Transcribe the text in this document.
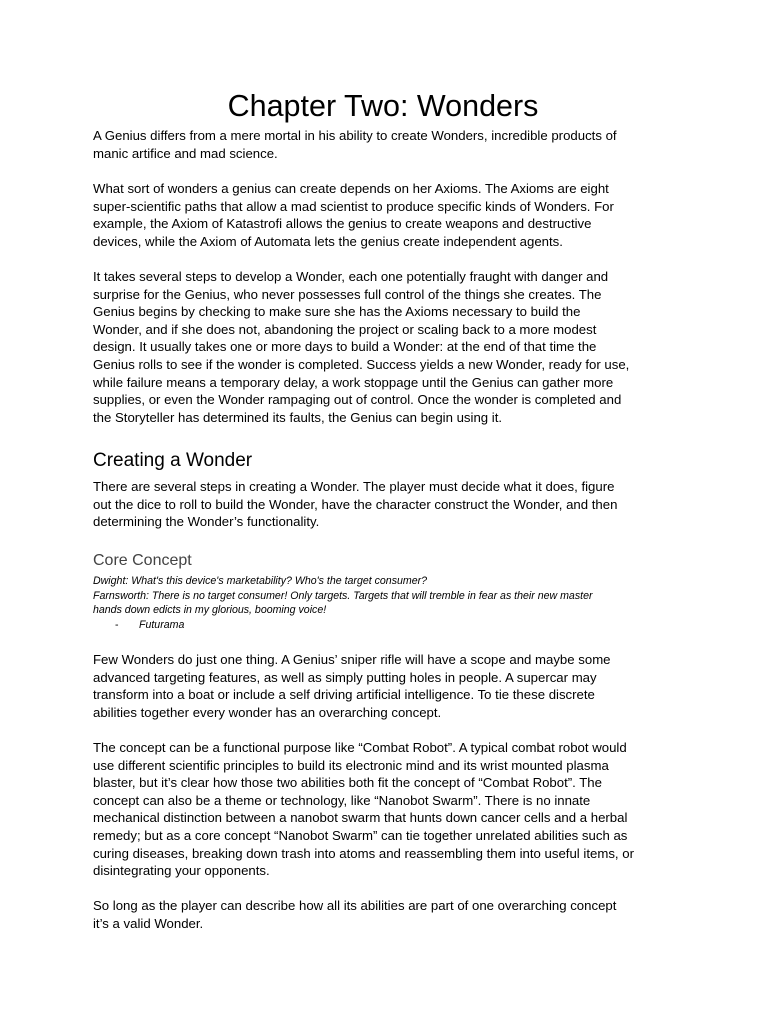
Chapter Two: Wonders

A Genius differs from a mere mortal in his ability to create Wonders, incredible products of
manic artifice and mad science.

What sort of wonders a genius can create depends on her Axioms. The Axioms are eight
super-scientific paths that allow a mad scientist to produce specific kinds of Wonders. For
example, the Axiom of Katastrofi allows the genius to create weapons and destructive
devices, while the Axiom of Automata lets the genius create independent agents.

It takes several steps to develop a Wonder, each one potentially fraught with danger and
surprise for the Genius, who never possesses full control of the things she creates. The
Genius begins by checking to make sure she has the Axioms necessary to build the
Wonder, and if she does not, abandoning the project or scaling back to a more modest
design. It usually takes one or more days to build a Wonder: at the end of that time the
Genius rolls to see if the wonder is completed. Success yields a new Wonder, ready for use,
while failure means a temporary delay, a work stoppage until the Genius can gather more
supplies, or even the Wonder rampaging out of control. Once the wonder is completed and
the Storyteller has determined its faults, the Genius can begin using it.

Creating a Wonder

There are several steps in creating a Wonder. The player must decide what it does, figure
out the dice to roll to build the Wonder, have the character construct the Wonder, and then
determining the Wonder’s functionality.

Core Concept

Dwight: What's this device's marketability? Who's the target consumer?
Farnsworth: There is no target consumer! Only targets. Targets that will tremble in fear as their new master
hands down edicts in my glorious, booming voice!

- Futurama

Few Wonders do just one thing. A Genius’ sniper rifle will have a scope and maybe some
advanced targeting features, as well as simply putting holes in people. A supercar may
transform into a boat or include a self driving artificial intelligence. To tie these discrete
abilities together every wonder has an overarching concept.

The concept can be a functional purpose like “Combat Robot”. A typical combat robot would
use different scientific principles to build its electronic mind and its wrist mounted plasma
blaster, but it’s clear how those two abilities both fit the concept of “Combat Robot”. The
concept can also be a theme or technology, like “Nanobot Swarm”. There is no innate
mechanical distinction between a nanobot swarm that hunts down cancer cells and a herbal
remedy; but as a core concept “Nanobot Swarm” can tie together unrelated abilities such as
curing diseases, breaking down trash into atoms and reassembling them into useful items, or
disintegrating your opponents.

So long as the player can describe how all its abilities are part of one overarching concept
it’s a valid Wonder.
